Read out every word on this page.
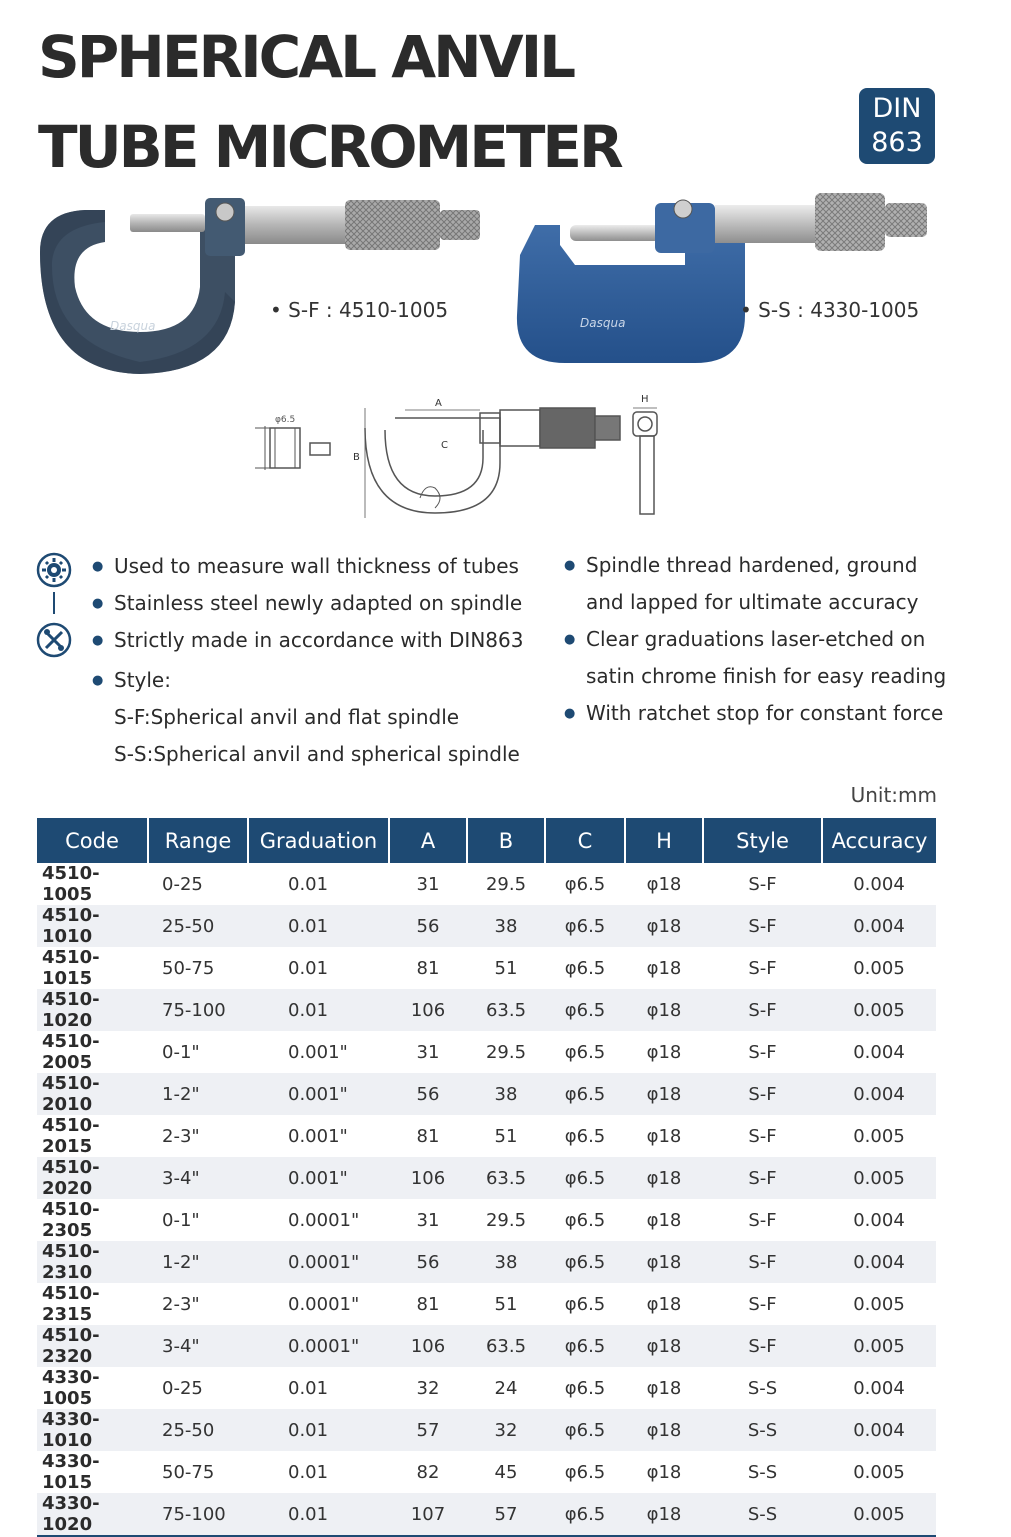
SPHERICAL ANVIL
TUBE MICROMETER
DIN
863
Dasqua
• S-F : 4510-1005
Dasqua
• S-S : 4330-1005
φ6.5
B
A
C
H
● Used to measure wall thickness of tubes
● Stainless steel newly adapted on spindle
● Strictly made in accordance with DIN863
● Style:
S-F:Spherical anvil and flat spindle
S-S:Spherical anvil and spherical spindle
● Spindle thread hardened, ground
and lapped for ultimate accuracy
● Clear graduations laser-etched on
satin chrome finish for easy reading
● With ratchet stop for constant force
Unit:mm
Code	Range	Graduation	A	B	C	H	Style	Accuracy
4510-1005	0-25	0.01	31	29.5	φ6.5	φ18	S-F	0.004
4510-1010	25-50	0.01	56	38	φ6.5	φ18	S-F	0.004
4510-1015	50-75	0.01	81	51	φ6.5	φ18	S-F	0.005
4510-1020	75-100	0.01	106	63.5	φ6.5	φ18	S-F	0.005
4510-2005	0-1"	0.001"	31	29.5	φ6.5	φ18	S-F	0.004
4510-2010	1-2"	0.001"	56	38	φ6.5	φ18	S-F	0.004
4510-2015	2-3"	0.001"	81	51	φ6.5	φ18	S-F	0.005
4510-2020	3-4"	0.001"	106	63.5	φ6.5	φ18	S-F	0.005
4510-2305	0-1"	0.0001"	31	29.5	φ6.5	φ18	S-F	0.004
4510-2310	1-2"	0.0001"	56	38	φ6.5	φ18	S-F	0.004
4510-2315	2-3"	0.0001"	81	51	φ6.5	φ18	S-F	0.005
4510-2320	3-4"	0.0001"	106	63.5	φ6.5	φ18	S-F	0.005
4330-1005	0-25	0.01	32	24	φ6.5	φ18	S-S	0.004
4330-1010	25-50	0.01	57	32	φ6.5	φ18	S-S	0.004
4330-1015	50-75	0.01	82	45	φ6.5	φ18	S-S	0.005
4330-1020	75-100	0.01	107	57	φ6.5	φ18	S-S	0.005
